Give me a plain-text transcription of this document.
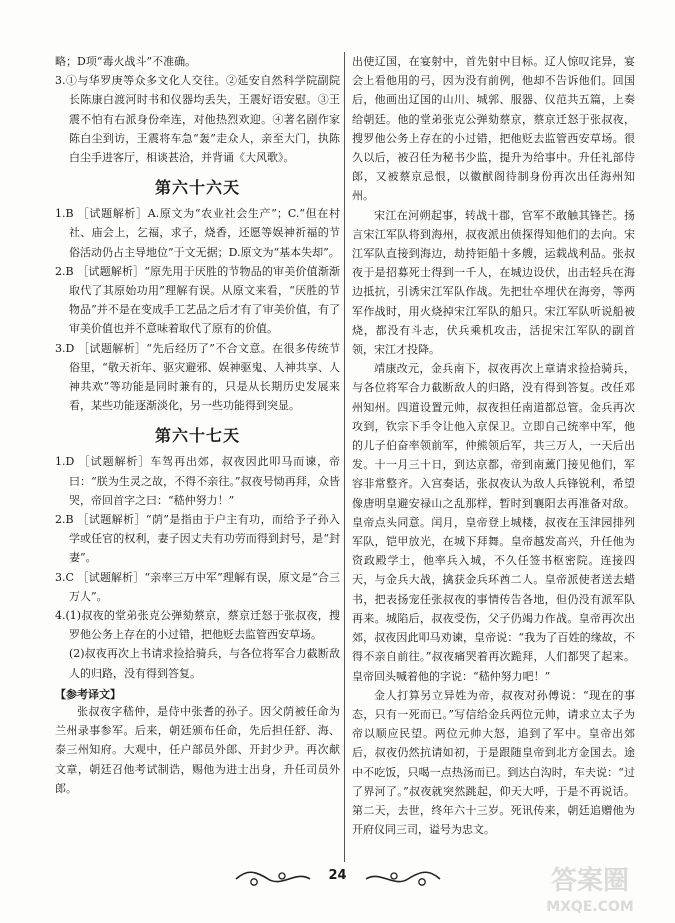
略；D项“毒火战斗”不准确。

3.①与华罗庚等众多文化人交往。②延安自然科学院副院长陈康白渡河时书和仪器均丢失，王震好语安慰。③王震不怕有右派身份牵连，对他热烈欢迎。④著名剧作家陈白尘到访，王震将车急“轰”走众人，亲至大门，执陈白尘手进客厅，相谈甚洽，并背诵《大风歌》。

第六十六天

1.B ［试题解析］A.原文为“农业社会生产”；C.“但在村社、庙会上，乞福，求子，烧香，还愿等娱神祈福的节俗活动仍占主导地位”于文无据；D.原文为“基本失却”。

2.B ［试题解析］“原先用于厌胜的节物品的审美价值渐渐取代了其原始功用”理解有误。从原文来看，“厌胜的节物品”并不是在变成手工艺品之后才有了审美价值，有了审美价值也并不意味着取代了原有的价值。

3.D ［试题解析］“先后经历了”不合文意。在很多传统节俗里，“敬天祈年、驱灾避邪、娱神驱鬼、人神共享、人神共欢”等功能是同时兼有的，只是从长期历史发展来看，某些功能逐渐淡化，另一些功能得到突显。

第六十七天

1.D ［试题解析］车驾再出郊，叔夜因此叩马而谏，帝曰：“朕为生灵之故，不得不亲往。”叔夜号恸再拜，众皆哭，帝回首字之曰：“嵇仲努力！”

2.B ［试题解析］“荫”是指由于户主有功，而给予子孙入学或任官的权利，妻子因丈夫有功劳而得到封号，是“封妻”。

3.C ［试题解析］“亲率三万中军”理解有误，原文是“合三万人”。

4.(1)叔夜的堂弟张克公弹劾蔡京，蔡京迁怒于张叔夜，搜罗他公务上存在的小过错，把他贬去监管西安草场。

(2)叔夜再次上书请求捡拾骑兵，与各位将军合力截断敌人的归路，没有得到答复。

【参考译文】

张叔夜字嵇仲，是侍中张耆的孙子。因父荫被任命为兰州录事参军。后来，朝廷颁布任命，先后担任舒、海、泰三州知府。大观中，任户部员外郎、开封少尹。再次献文章，朝廷召他考试制诰，赐他为进士出身，升任司员外郎。

出使辽国，在宴射中，首先射中目标。辽人惊叹诧异，宴会上看他用的弓，因为没有前例，他却不告诉他们。回国后，他画出辽国的山川、城郭、服器、仪范共五篇，上奏给朝廷。他的堂弟张克公弹劾蔡京，蔡京迁怒于张叔夜，搜罗他公务上存在的小过错，把他贬去监管西安草场。很久以后，被召任为秘书少监，提升为给事中。升任礼部侍郎，又被蔡京忌恨，以徽猷阁待制身份再次出任海州知州。

宋江在河朔起事，转战十郡，官军不敢触其锋芒。扬言宋江军队将到海州，叔夜派出侦探得知他们的去向。宋江军队直接到海边，劫持钜船十多艘，运载战利品。张叔夜于是招募死士得到一千人，在城边设伏，出击轻兵在海边抵抗，引诱宋江军队作战。先把壮卒埋伏在海旁，等两军作战时，用火烧掉宋江军队的船只。宋江军队听说船被烧，都没有斗志，伏兵乘机攻击，活捉宋江军队的副首领，宋江才投降。

靖康改元，金兵南下，叔夜再次上章请求捡拾骑兵，与各位将军合力截断敌人的归路，没有得到答复。改任邓州知州。四道设置元帅，叔夜担任南道都总管。金兵再次攻到，钦宗下手令让他入京保卫。立即自己统率中军，他的儿子伯奋率领前军，仲熊领后军，共三万人，一天后出发。十一月三十日，到达京都，帝到南薰门接见他们，军容非常整齐。入宫奏话，张叔夜认为敌人兵锋锐利，希望像唐明皇避安禄山之乱那样，暂时到襄阳去再准备对敌。皇帝点头同意。闰月，皇帝登上城楼，叔夜在玉津园排列军队，铠甲放光，在城下拜舞。皇帝越发高兴，升任他为资政殿学士，他率兵入城，不久任签书枢密院。连接四天，与金兵大战，擒获金兵环酋二人。皇帝派使者送去蜡书，把表扬宠任张叔夜的事情传告各地，但仍没有派军队再来。城陷后，叔夜受伤，父子仍竭力作战。皇帝再次出郊，叔夜因此叩马劝谏，皇帝说：“我为了百姓的缘故，不得不亲自前往。”叔夜痛哭着再次跪拜，人们都哭了起来。皇帝回头喊着他的字说：“嵇仲努力吧！”

金人打算另立异姓为帝，叔夜对孙傅说：“现在的事态，只有一死而已。”写信给金兵两位元帅，请求立太子为帝以顺应民望。两位元帅大怒，追到了军中。皇帝出郊后，叔夜仍然抗请如初，于是跟随皇帝到北方金国去。途中不吃饭，只喝一点热汤而已。到达白沟时，车夫说：“过了界河了。”叔夜就突然跳起，仰天大呼，于是不再说话。第二天，去世，终年六十三岁。死讯传来，朝廷追赠他为开府仪同三司，谥号为忠文。

24	答案圈
MXQE.COM
